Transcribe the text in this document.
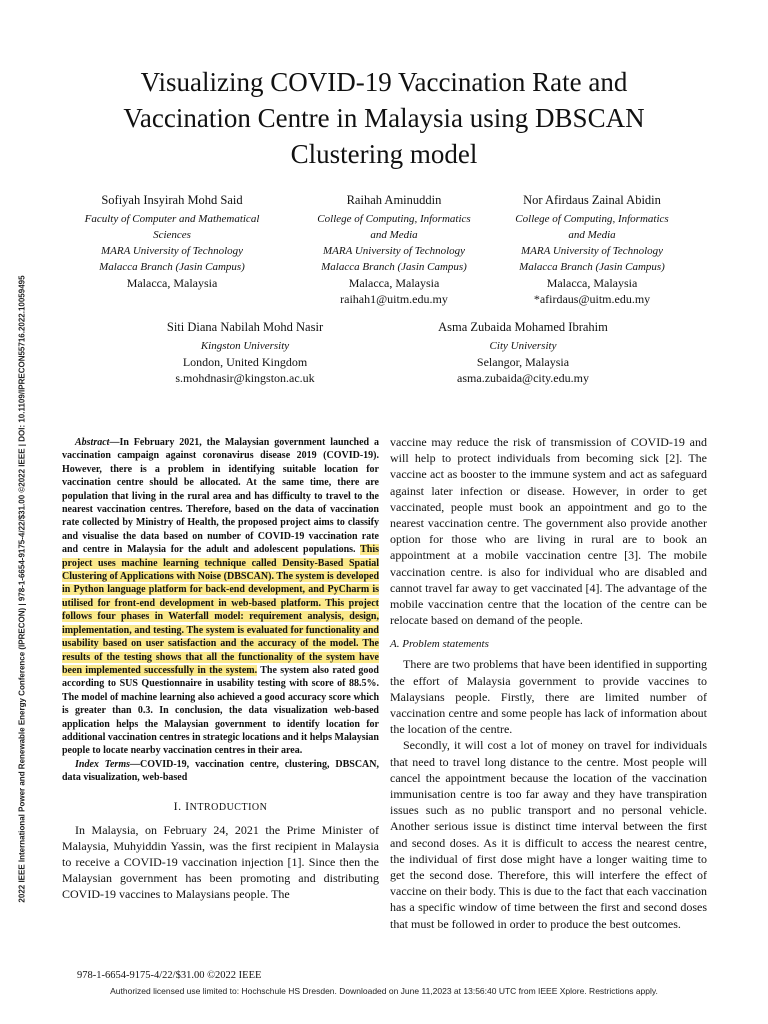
Visualizing COVID-19 Vaccination Rate and
Vaccination Centre in Malaysia using DBSCAN
Clustering model
Sofiyah Insyirah Mohd Said
Faculty of Computer and Mathematical
Sciences
MARA University of Technology
Malacca Branch (Jasin Campus)
Malacca, Malaysia
Raihah Aminuddin
College of Computing, Informatics
and Media
MARA University of Technology
Malacca Branch (Jasin Campus)
Malacca, Malaysia
raihah1@uitm.edu.my
Nor Afirdaus Zainal Abidin
College of Computing, Informatics
and Media
MARA University of Technology
Malacca Branch (Jasin Campus)
Malacca, Malaysia
*afirdaus@uitm.edu.my
Siti Diana Nabilah Mohd Nasir
Kingston University
London, United Kingdom
s.mohdnasir@kingston.ac.uk
Asma Zubaida Mohamed Ibrahim
City University
Selangor, Malaysia
asma.zubaida@city.edu.my
2022 IEEE International Power and Renewable Energy Conference (IPRECON) | 978-1-6654-9175-4/22/$31.00 ©2022 IEEE | DOI: 10.1109/IPRECON55716.2022.10059495	Abstract—In February 2021, the Malaysian government launched a vaccination campaign against coronavirus disease 2019 (COVID-19). However, there is a problem in identifying suitable location for vaccination centre should be allocated. At the same time, there are population that living in the rural area and has difficulty to travel to the nearest vaccination centres. Therefore, based on the data of vaccination rate collected by Ministry of Health, the proposed project aims to classify and visualise the data based on number of COVID-19 vaccination rate and centre in Malaysia for the adult and adolescent populations. This project uses machine learning technique called Density-Based Spatial Clustering of Applications with Noise (DBSCAN). The system is developed in Python language platform for back-end development, and PyCharm is utilised for front-end development in web-based platform. This project follows four phases in Waterfall model: requirement analysis, design, implementation, and testing. The system is evaluated for functionality and usability based on user satisfaction and the accuracy of the model. The results of the testing shows that all the functionality of the system have been implemented successfully in the system. The system also rated good according to SUS Questionnaire in usability testing with score of 88.5%. The model of machine learning also achieved a good accuracy score which is greater than 0.3. In conclusion, the data visualization web-based application helps the Malaysian government to identify location for additional vaccination centres in strategic locations and it helps Malaysian people to locate nearby vaccination centres in their area.

Index Terms—COVID-19, vaccination centre, clustering, DBSCAN, data visualization, web-based

I. INTRODUCTION

In Malaysia, on February 24, 2021 the Prime Minister of Malaysia, Muhyiddin Yassin, was the first recipient in Malaysia to receive a COVID-19 vaccination injection [1]. Since then the Malaysian government has been promoting and distributing COVID-19 vaccines to Malaysians people. The

vaccine may reduce the risk of transmission of COVID-19 and will help to protect individuals from becoming sick [2]. The vaccine act as booster to the immune system and act as safeguard against later infection or disease. However, in order to get vaccinated, people must book an appointment and go to the nearest vaccination centre. The government also provide another option for those who are living in rural are to book an appointment at a mobile vaccination centre [3]. The mobile vaccination centre. is also for individual who are disabled and cannot travel far away to get vaccinated [4]. The advantage of the mobile vaccination centre that the location of the centre can be relocate based on demand of the people.

A. Problem statements

There are two problems that have been identified in supporting the effort of Malaysia government to provide vaccines to Malaysians people. Firstly, there are limited number of vaccination centre and some people has lack of information about the location of the centre.

Secondly, it will cost a lot of money on travel for individuals that need to travel long distance to the centre. Most people will cancel the appointment because the location of the vaccination immunisation centre is too far away and they have transpiration issues such as no public transport and no personal vehicle. Another serious issue is distinct time interval between the first and second doses. As it is difficult to access the nearest centre, the individual of first dose might have a longer waiting time to get the second dose. Therefore, this will interfere the effect of vaccine on their body. This is due to the fact that each vaccination has a specific window of time between the first and second doses that must be followed in order to produce the best outcomes.

978-1-6654-9175-4/22/$31.00 ©2022 IEEE
Authorized licensed use limited to: Hochschule HS Dresden. Downloaded on June 11,2023 at 13:56:40 UTC from IEEE Xplore. Restrictions apply.
